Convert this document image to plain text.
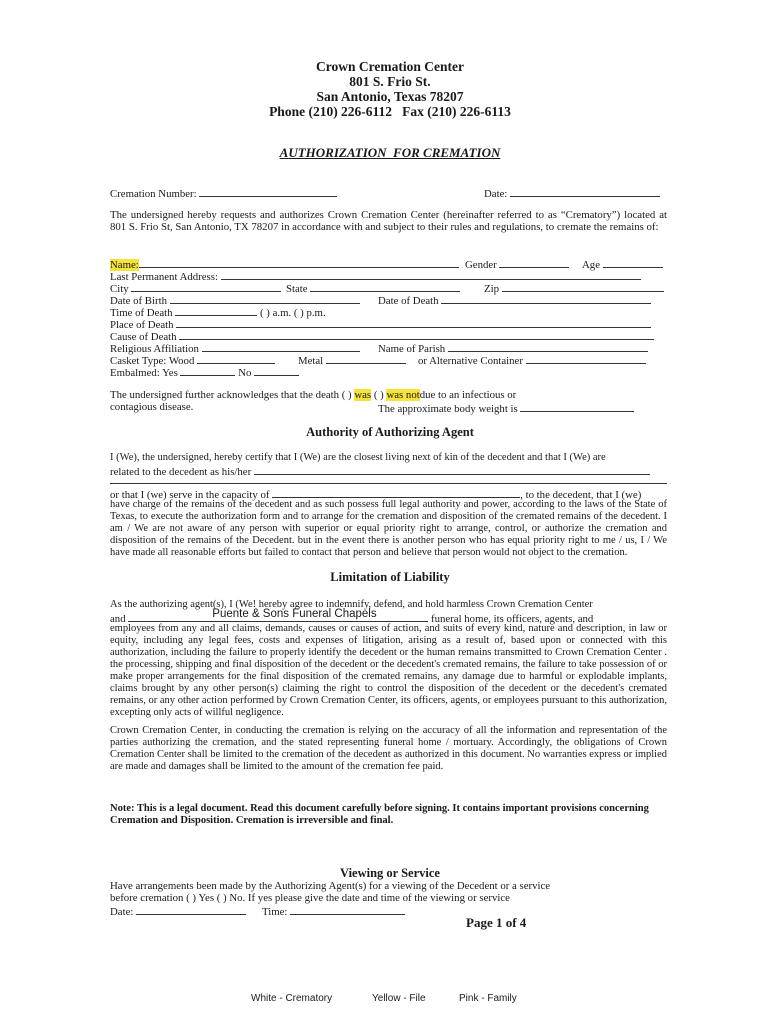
Crown Cremation Center
801 S. Frio St.
San Antonio, Texas 78207
Phone (210) 226-6112   Fax (210) 226-6113
AUTHORIZATION  FOR CREMATION
Cremation Number:	Date:
The undersigned hereby requests and authorizes Crown Cremation Center (hereinafter referred to as “Crematory”) located at 801 S. Frio St, San Antonio, TX 78207 in accordance with and subject to their rules and regulations, to cremate the remains of:
Name:	Gender	Age
Last Permanent Address:
City	State	Zip
Date of Birth	Date of Death
Time of Death	( ) a.m. ( ) p.m.
Place of Death
Cause of Death
Religious Affiliation	Name of Parish
Casket Type: Wood	Metal	or Alternative Container
Embalmed: Yes	No
The undersigned further acknowledges that the death ( ) was ( ) was notdue to an infectious or
contagious disease.	The approximate body weight is
Authority of Authorizing Agent
I (We), the undersigned, hereby certify that I (We) are the closest living next of kin of the decedent and that I (We) are
related to the decedent as his/her
or that I (we) serve in the capacity of	, to the decedent, that I (we)
have charge of the remains of the decedent and as such possess full legal authority and power, according to the laws of the State of Texas, to execute the authorization form and to arrange for the cremation and disposition of the cremated remains of the decedent. I am / We are not aware of any person with superior or equal priority right to arrange, control, or authorize the cremation and disposition of the remains of the Decedent. but in the event there is another person who has equal priority right to me / us, I / We have made all reasonable efforts but failed to contact that person and believe that person would not object to the cremation.
Limitation of Liability
As the authorizing agent(s), I (We! hereby agree to indemnify, defend, and hold harmless Crown Cremation Center
and	Puente & Sons Funeral Chapels	funeral home, its officers, agents, and
employees from any and all claims, demands, causes or causes of action, and suits of every kind, nature and description, in law or equity, including any legal fees, costs and expenses of litigation, arising as a result of, based upon or connected with this authorization, including the failure to properly identify the decedent or the human remains transmitted to Crown Cremation Center . the processing, shipping and final disposition of the decedent or the decedent's cremated remains, the failure to take possession of or make proper arrangements for the final disposition of the cremated remains, any damage due to harmful or explodable implants, claims brought by any other person(s) claiming the right to control the disposition of the decedent or the decedent's cremated remains, or any other action performed by Crown Cremation Center, its officers, agents, or employees pursuant to this authorization, excepting only acts of willful negligence.
Crown Cremation Center, in conducting the cremation is relying on the accuracy of all the information and representation of the parties authorizing the cremation, and the stated representing funeral home / mortuary. Accordingly, the obligations of Crown Cremation Center shall be limited to the cremation of the decedent as authorized in this document. No warranties express or implied are made and damages shall be limited to the amount of the cremation fee paid.
Note: This is a legal document. Read this document carefully before signing. It contains important provisions concerning Cremation and Disposition. Cremation is irreversible and final.
Viewing or Service
Have arrangements been made by the Authorizing Agent(s) for a viewing of the Decedent or a service
before cremation ( ) Yes ( ) No. If yes please give the date and time of the viewing or service
Date:	Time:
Page 1 of 4
White - Crematory	Yellow - File	Pink - Family
